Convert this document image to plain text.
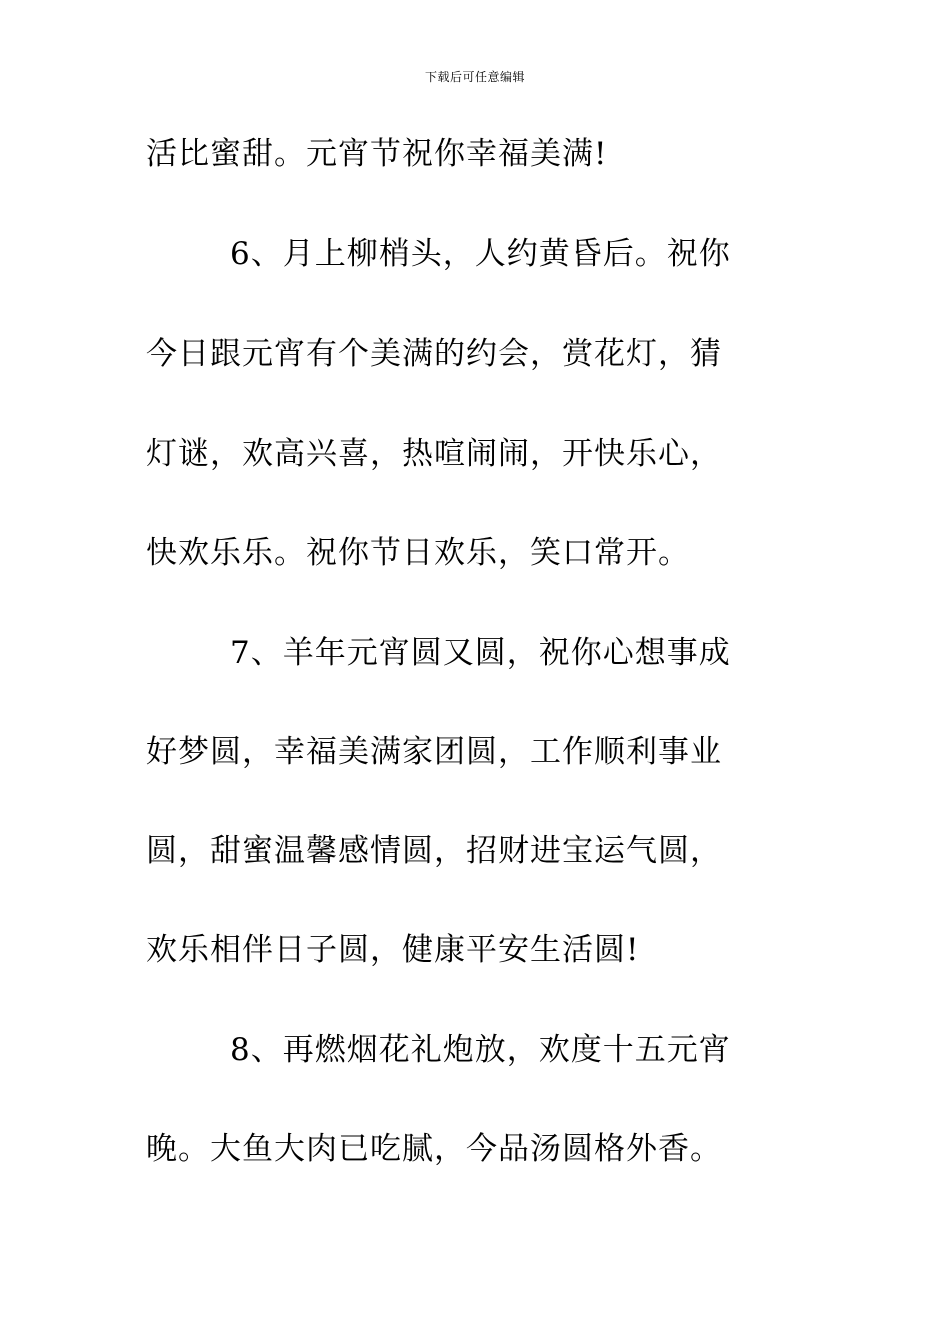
下载后可任意编辑
活比蜜甜。元宵节祝你幸福美满!
6、月上柳梢头，人约黄昏后。祝你
今日跟元宵有个美满的约会，赏花灯，猜
灯谜，欢高兴喜，热喧闹闹，开快乐心，
快欢乐乐。祝你节日欢乐，笑口常开。
7、羊年元宵圆又圆，祝你心想事成
好梦圆，幸福美满家团圆，工作顺利事业
圆，甜蜜温馨感情圆，招财进宝运气圆，
欢乐相伴日子圆，健康平安生活圆!
8、再燃烟花礼炮放，欢度十五元宵
晚。大鱼大肉已吃腻，今品汤圆格外香。
